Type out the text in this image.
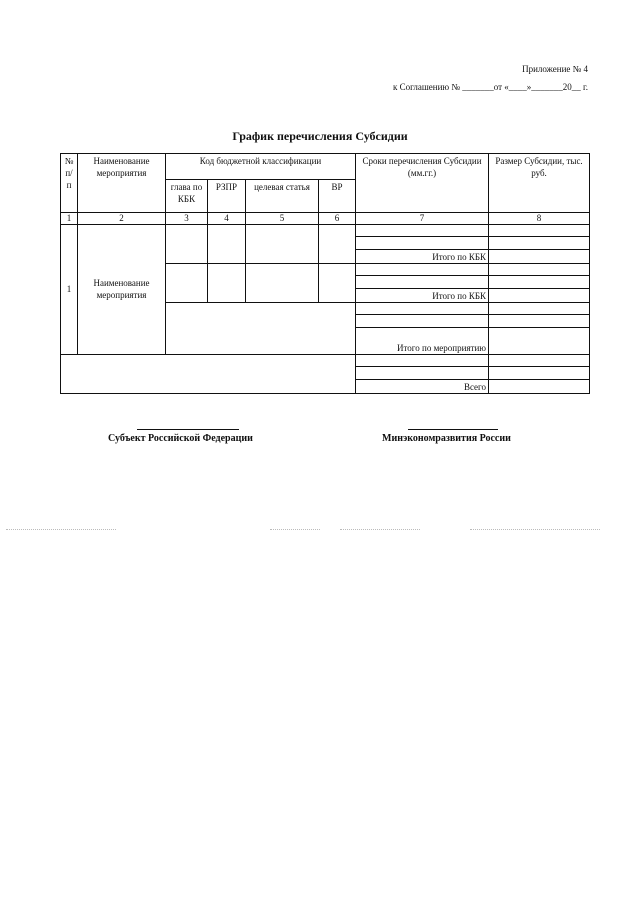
Приложение № 4
к Соглашению № _______от «____»_______20__ г.
График перечисления Субсидии
№ п/п	Наименование мероприятия	Код бюджетной классификации				Сроки перечисления Субсидии (мм.гг.)	Размер Субсидии, тыс. руб.
		глава по КБК	РЗПР	целевая статья	ВР		
1	2	3	4	5	6	7	8
1	Наименование мероприятия						

						Итого по КБК	

						Итого по КБК	

						Итого по мероприятию	

						Всего	
Субъект Российской Федерации	Минэкономразвития России
